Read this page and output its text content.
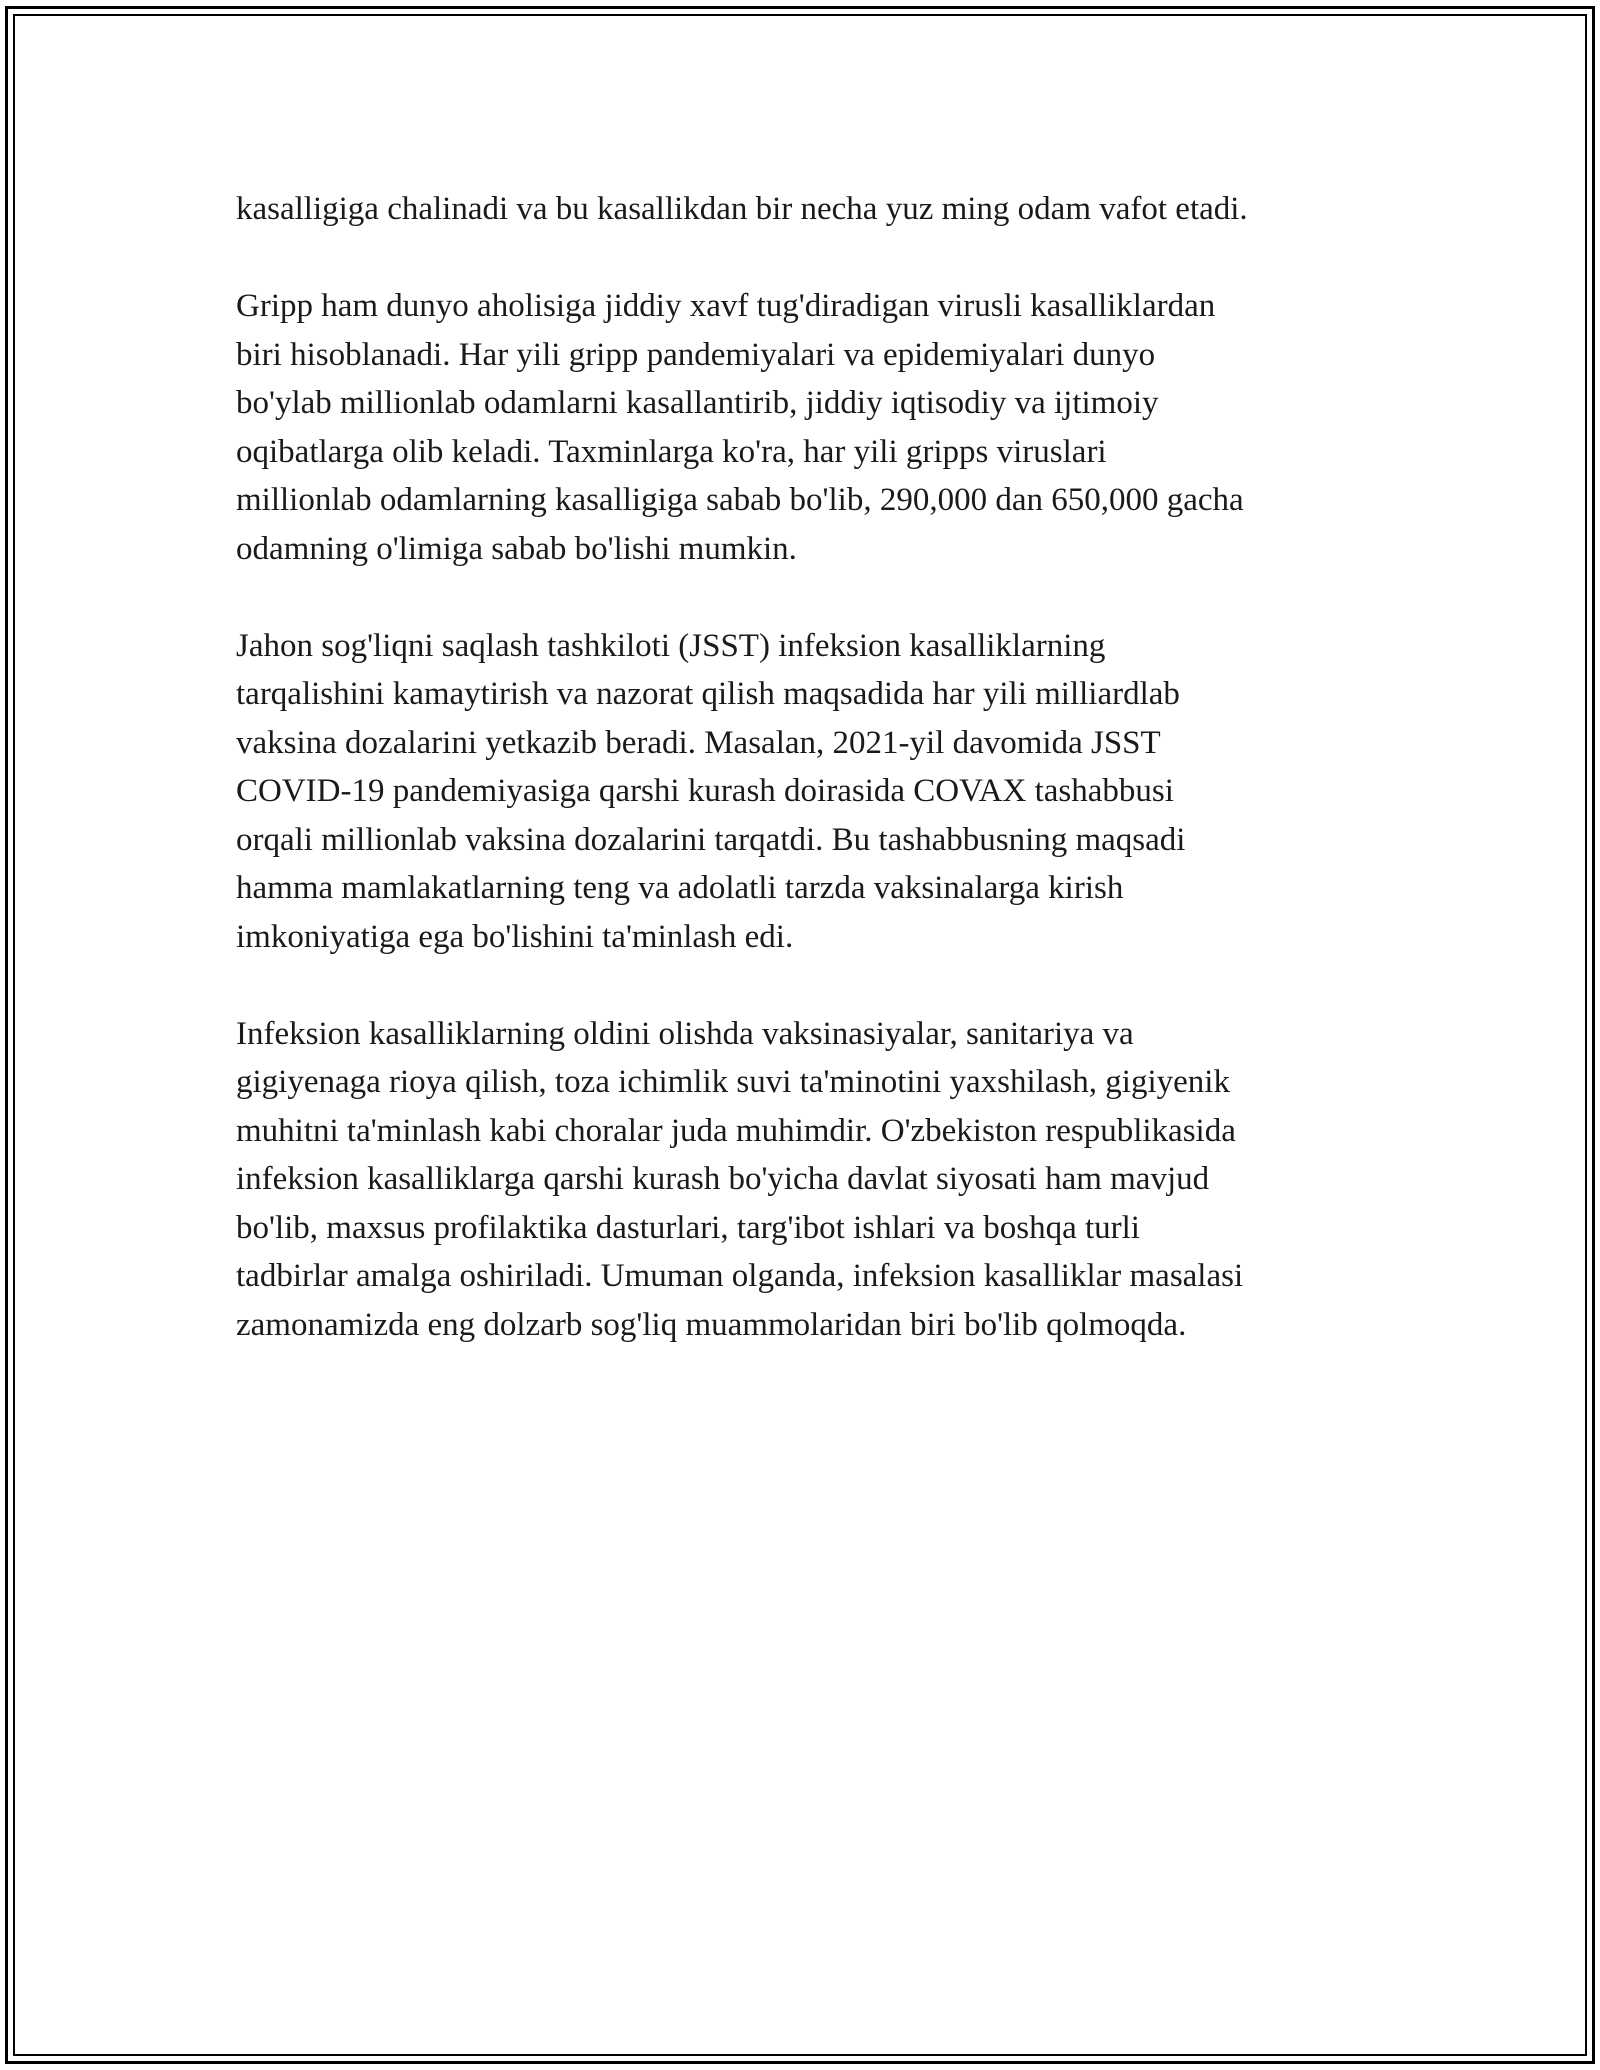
kasalligiga chalinadi va bu kasallikdan bir necha yuz ming odam vafot etadi.

Gripp ham dunyo aholisiga jiddiy xavf tug'diradigan virusli kasalliklardan
biri hisoblanadi. Har yili gripp pandemiyalari va epidemiyalari dunyo
bo'ylab millionlab odamlarni kasallantirib, jiddiy iqtisodiy va ijtimoiy
oqibatlarga olib keladi. Taxminlarga ko'ra, har yili gripps viruslari
millionlab odamlarning kasalligiga sabab bo'lib, 290,000 dan 650,000 gacha
odamning o'limiga sabab bo'lishi mumkin.

Jahon sog'liqni saqlash tashkiloti (JSST) infeksion kasalliklarning
tarqalishini kamaytirish va nazorat qilish maqsadida har yili milliardlab
vaksina dozalarini yetkazib beradi. Masalan, 2021-yil davomida JSST
COVID-19 pandemiyasiga qarshi kurash doirasida COVAX tashabbusi
orqali millionlab vaksina dozalarini tarqatdi. Bu tashabbusning maqsadi
hamma mamlakatlarning teng va adolatli tarzda vaksinalarga kirish
imkoniyatiga ega bo'lishini ta'minlash edi.

Infeksion kasalliklarning oldini olishda vaksinasiyalar, sanitariya va
gigiyenaga rioya qilish, toza ichimlik suvi ta'minotini yaxshilash, gigiyenik
muhitni ta'minlash kabi choralar juda muhimdir. O'zbekiston respublikasida
infeksion kasalliklarga qarshi kurash bo'yicha davlat siyosati ham mavjud
bo'lib, maxsus profilaktika dasturlari, targ'ibot ishlari va boshqa turli
tadbirlar amalga oshiriladi. Umuman olganda, infeksion kasalliklar masalasi
zamonamizda eng dolzarb sog'liq muammolaridan biri bo'lib qolmoqda.
